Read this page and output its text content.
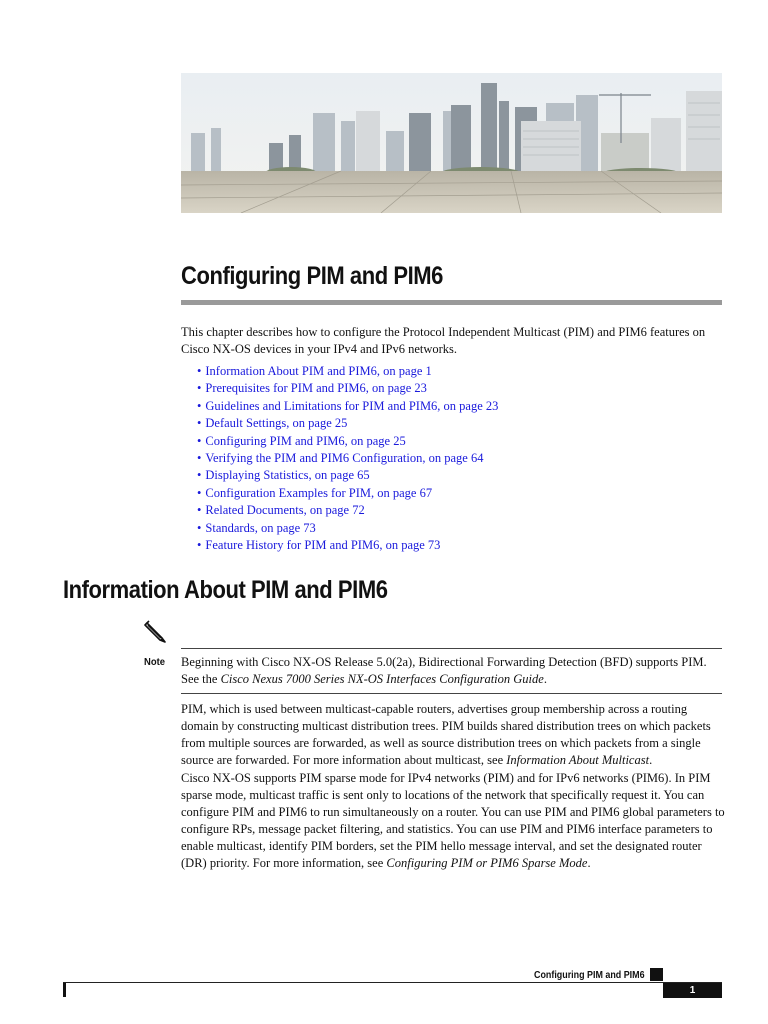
Configuring PIM and PIM6

This chapter describes how to configure the Protocol Independent Multicast (PIM) and PIM6 features on Cisco NX-OS devices in your IPv4 and IPv6 networks.

• Information About PIM and PIM6, on page 1
• Prerequisites for PIM and PIM6, on page 23
• Guidelines and Limitations for PIM and PIM6, on page 23
• Default Settings, on page 25
• Configuring PIM and PIM6, on page 25
• Verifying the PIM and PIM6 Configuration, on page 64
• Displaying Statistics, on page 65
• Configuration Examples for PIM, on page 67
• Related Documents, on page 72
• Standards, on page 73
• Feature History for PIM and PIM6, on page 73
Information About PIM and PIM6
Note Beginning with Cisco NX-OS Release 5.0(2a), Bidirectional Forwarding Detection (BFD) supports PIM. See the Cisco Nexus 7000 Series NX-OS Interfaces Configuration Guide.

PIM, which is used between multicast-capable routers, advertises group membership across a routing domain by constructing multicast distribution trees. PIM builds shared distribution trees on which packets from multiple sources are forwarded, as well as source distribution trees on which packets from a single source are forwarded. For more information about multicast, see Information About Multicast.

Cisco NX-OS supports PIM sparse mode for IPv4 networks (PIM) and for IPv6 networks (PIM6). In PIM sparse mode, multicast traffic is sent only to locations of the network that specifically request it. You can configure PIM and PIM6 to run simultaneously on a router. You can use PIM and PIM6 global parameters to configure RPs, message packet filtering, and statistics. You can use PIM and PIM6 interface parameters to enable multicast, identify PIM borders, set the PIM hello message interval, and set the designated router (DR) priority. For more information, see Configuring PIM or PIM6 Sparse Mode.

Configuring PIM and PIM6
1
